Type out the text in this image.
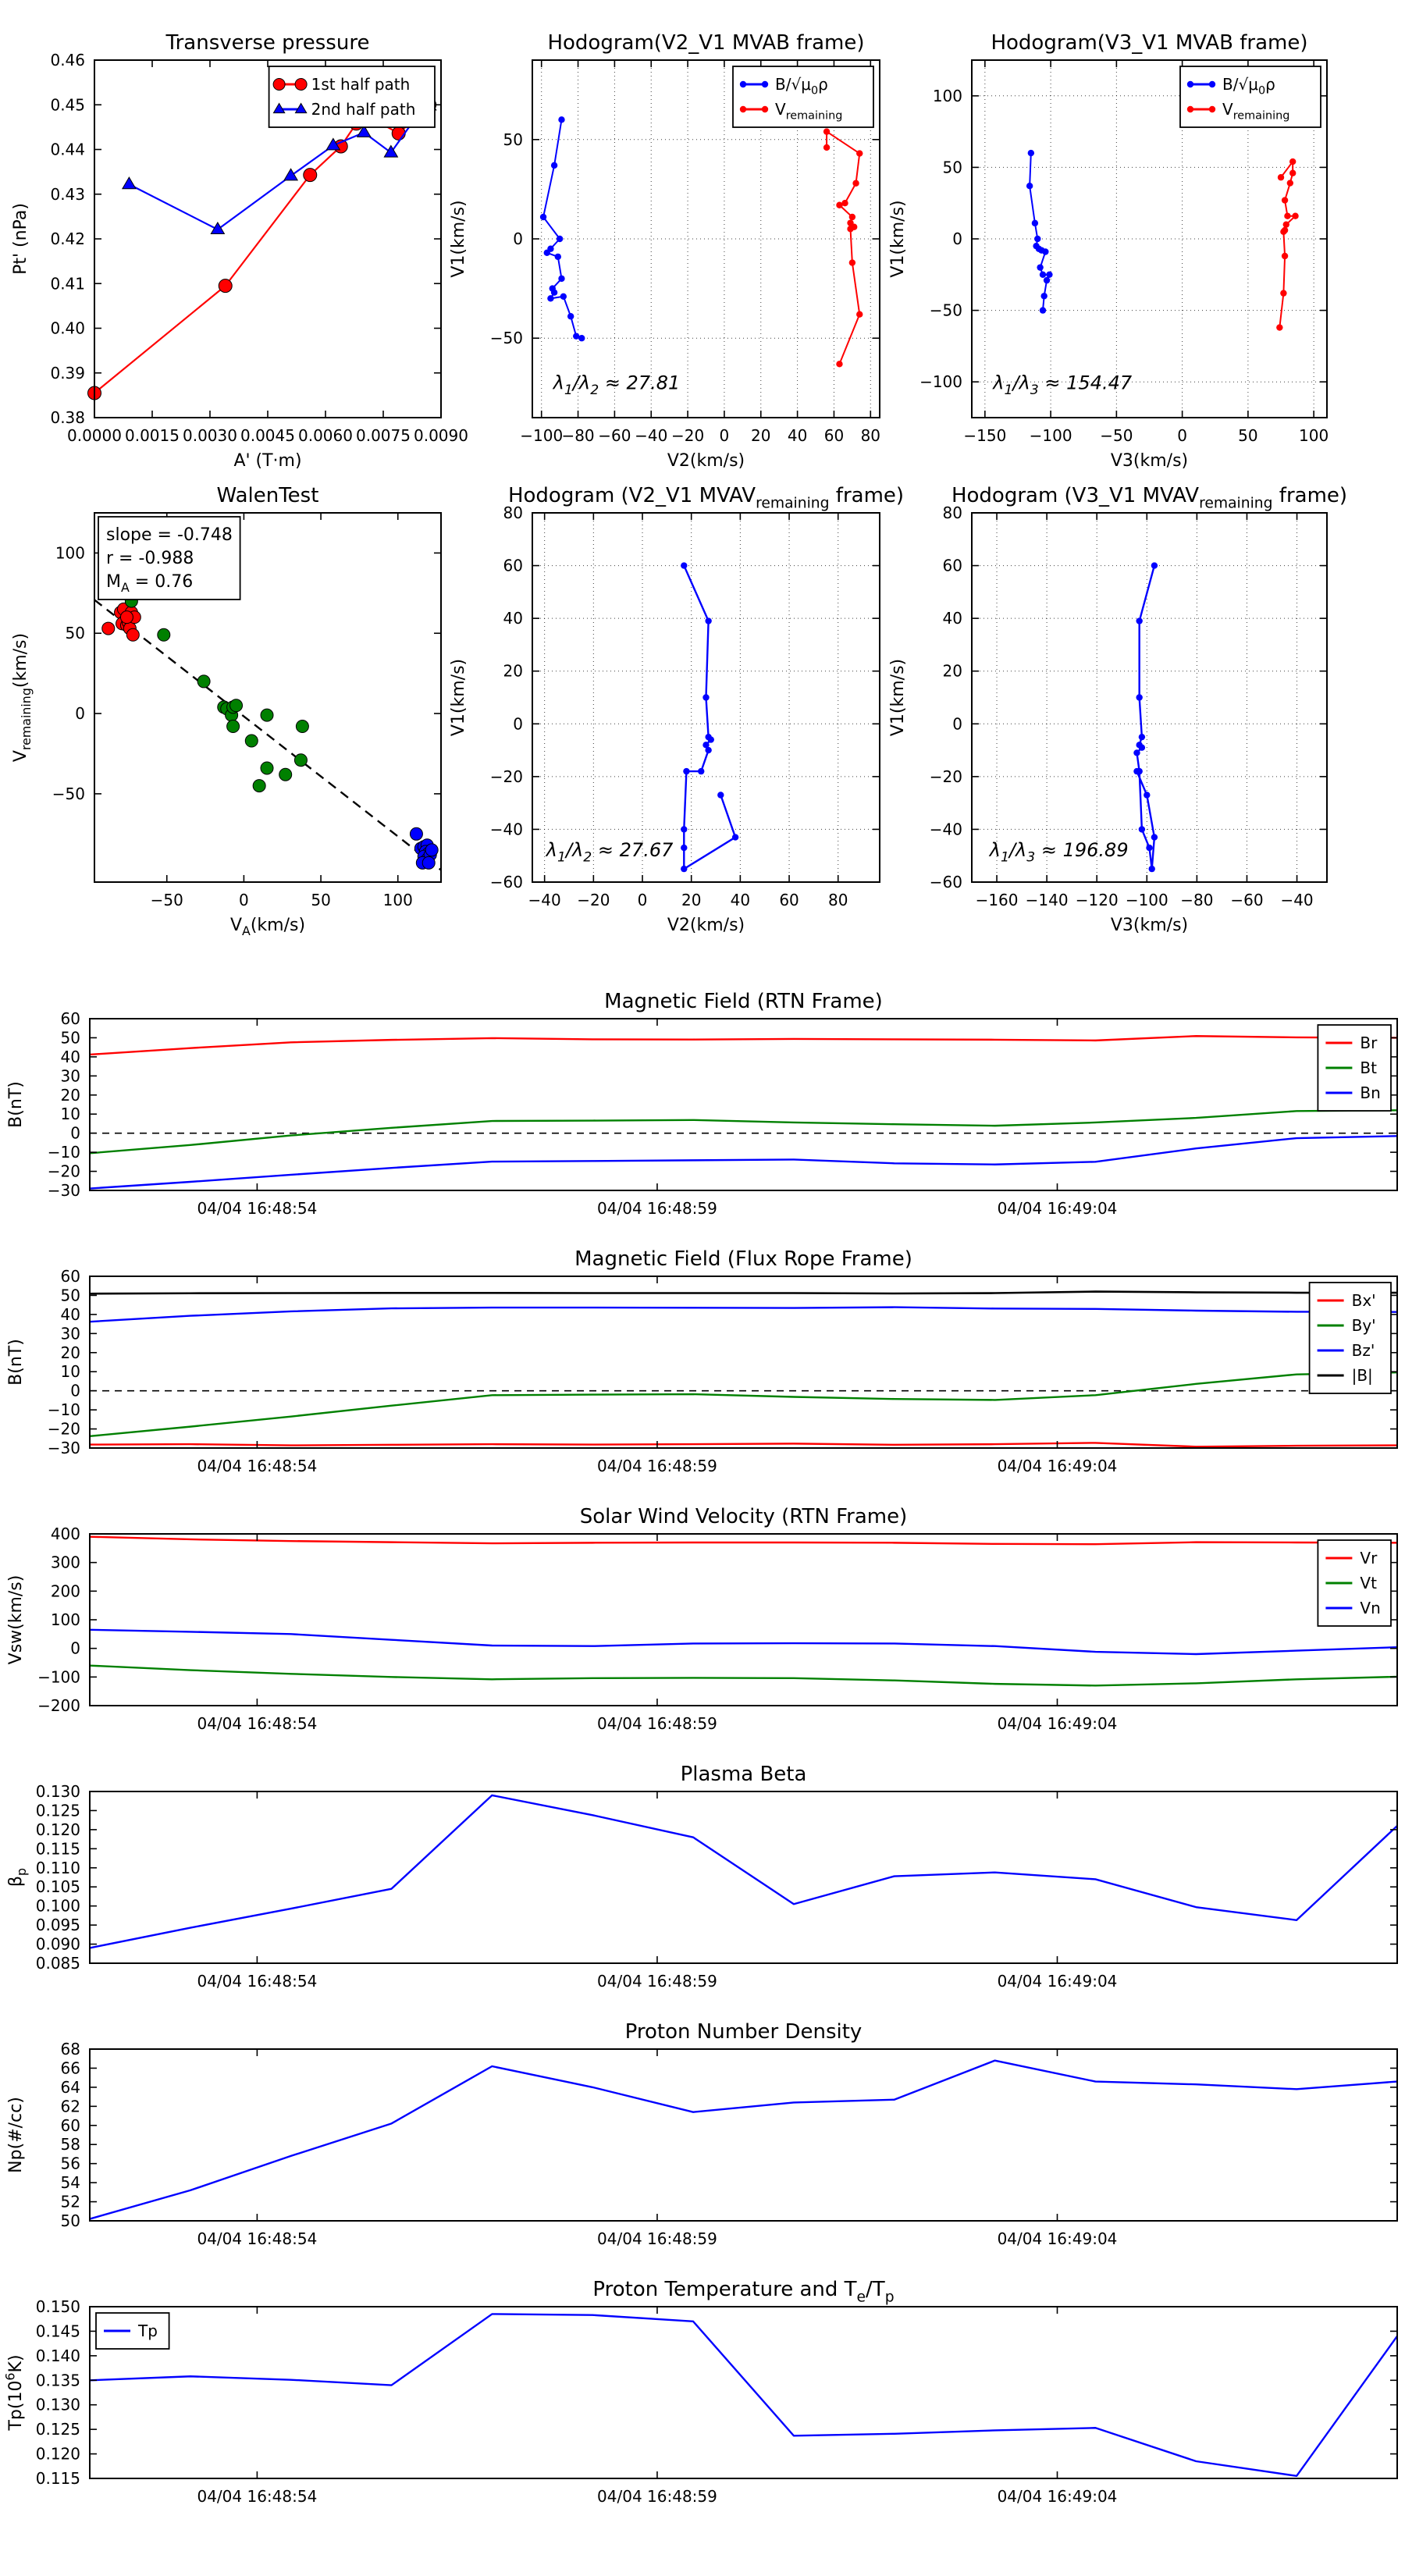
0.0000 0.0015 0.0030 0.0045 0.0060 0.0075 0.0090
0.38
0.39
0.40
0.41
0.42
0.43
0.44
0.45
0.46
Transverse pressure
A' (T·m)
Pt' (nPa)
1st half path
2nd half path
−100
−80 −60 −40 −20 0 20 40 60 80
−50
0
50
Hodogram(V2_V1 MVAB frame)
V2(km/s)
V1(km/s)
$\lambda_1/\lambda_2 \approx 27.81$
$B/√\mu_0\rho$
$V_{remaining}$
−150 −100 −50	0	50	100
−100
−50
0
50
100
Hodogram(V3_V1 MVAB frame)
V3(km/s)
V1(km/s)
$\lambda_1/\lambda_3 \approx 154.47$
$B/√\mu_0\rho$
$V_{remaining}$
−50	0	50	100
−50
0
50
100
WalenTest
$V_A(km/s)$
$V_{remaining}(km/s)$
slope = -0.748
r = -0.988
$M_A = 0.76$
−40 −20 0 20 40 60 80
−60
−40
−20
0
20
40
60
80
Hodogram (V2_V1 $MVAV_{remaining}$ frame)
V2(km/s)
V1(km/s)
$\lambda_1/\lambda_2 \approx 27.67$
−160 −140 −120 −100 −80 −60 −40
−60
−40
−20
0
20
40
60
80
Hodogram (V3_V1 $MVAV_{remaining}$ frame)
V3(km/s)
V1(km/s)
$\lambda_1/\lambda_3 \approx 196.89$
04/04 16:48:54	04/04 16:48:59	04/04 16:49:04
−30
−20
−10
0
10
20
30
40
50
60
Magnetic Field (RTN Frame)
B(nT)
Br
Bt
Bn
04/04 16:48:54	04/04 16:48:59	04/04 16:49:04
−30
−20
−10
0
10
20
30
40
50
60
Magnetic Field (Flux Rope Frame)
B(nT)
Bx'
By'
Bz'
|B|
04/04 16:48:54	04/04 16:48:59	04/04 16:49:04
−200
−100
0
100
200
300
400
Solar Wind Velocity (RTN Frame)
Vsw(km/s)
Vr
Vt
Vn
04/04 16:48:54	04/04 16:48:59	04/04 16:49:04
0.085
0.090
0.095
0.100
0.105
0.110
0.115
0.120
0.125
0.130
Plasma Beta
$\beta_p$
04/04 16:48:54	04/04 16:48:59	04/04 16:49:04
50
52
54
56
58
60
62
64
66
68
Proton Number Density
Np(#/cc)
04/04 16:48:54	04/04 16:48:59	04/04 16:49:04
0.115
0.120
0.125
0.130
0.135
0.140
0.145
0.150
Proton Temperature and $T_e/T_p$
$Tp(10^6K)$
Tp
